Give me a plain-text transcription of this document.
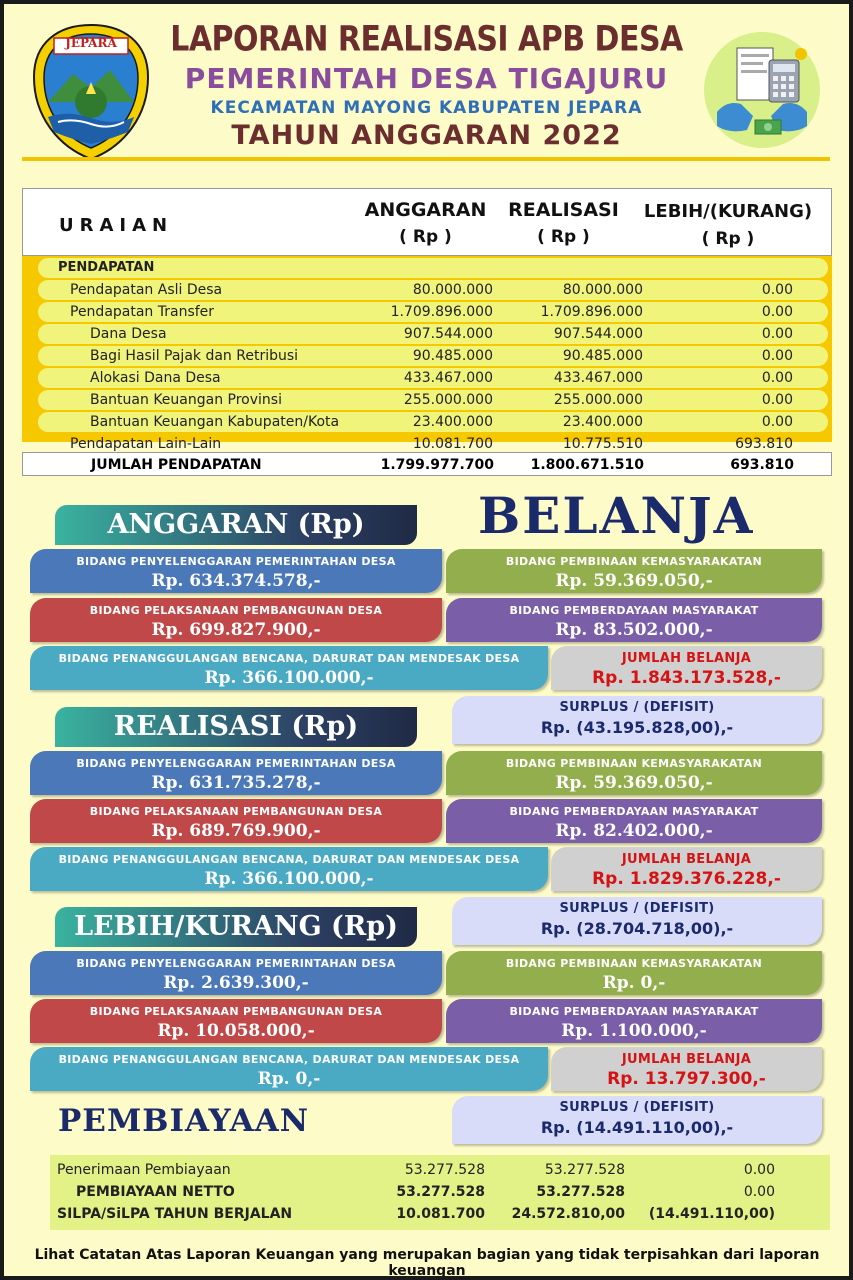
JEPARA	LAPORAN REALISASI APB DESA
PEMERINTAH DESA TIGAJURU
KECAMATAN MAYONG KABUPATEN JEPARA
TAHUN ANGGARAN 2022
URAIAN
ANGGARAN
( Rp )
REALISASI
( Rp )
LEBIH/(KURANG)
( Rp )
PENDAPATAN
Pendapatan Asli Desa	80.000.000	80.000.000	0.00
Pendapatan Transfer	1.709.896.000	1.709.896.000	0.00
Dana Desa	907.544.000	907.544.000	0.00
Bagi Hasil Pajak dan Retribusi	90.485.000	90.485.000	0.00
Alokasi Dana Desa	433.467.000	433.467.000	0.00
Bantuan Keuangan Provinsi	255.000.000	255.000.000	0.00
Bantuan Keuangan Kabupaten/Kota	23.400.000	23.400.000	0.00
Pendapatan Lain-Lain	10.081.700	10.775.510	693.810
JUMLAH PENDAPATAN	1.799.977.700	1.800.671.510	693.810
BELANJA
ANGGARAN (Rp)
BIDANG PENYELENGGARAN PEMERINTAHAN DESA
Rp. 634.374.578,-
BIDANG PEMBINAAN KEMASYARAKATAN
Rp. 59.369.050,-
BIDANG PELAKSANAAN PEMBANGUNAN DESA
Rp. 699.827.900,-
BIDANG PEMBERDAYAAN MASYARAKAT
Rp. 83.502.000,-
BIDANG PENANGGULANGAN BENCANA, DARURAT DAN MENDESAK DESA
Rp. 366.100.000,-
JUMLAH BELANJA
Rp. 1.843.173.528,-
SURPLUS / (DEFISIT)
Rp. (43.195.828,00),-
REALISASI (Rp)
BIDANG PENYELENGGARAN PEMERINTAHAN DESA
Rp. 631.735.278,-
BIDANG PEMBINAAN KEMASYARAKATAN
Rp. 59.369.050,-
BIDANG PELAKSANAAN PEMBANGUNAN DESA
Rp. 689.769.900,-
BIDANG PEMBERDAYAAN MASYARAKAT
Rp. 82.402.000,-
BIDANG PENANGGULANGAN BENCANA, DARURAT DAN MENDESAK DESA
Rp. 366.100.000,-
JUMLAH BELANJA
Rp. 1.829.376.228,-
SURPLUS / (DEFISIT)
Rp. (28.704.718,00),-
LEBIH/KURANG (Rp)
BIDANG PENYELENGGARAN PEMERINTAHAN DESA
Rp. 2.639.300,-
BIDANG PEMBINAAN KEMASYARAKATAN
Rp. 0,-
BIDANG PELAKSANAAN PEMBANGUNAN DESA
Rp. 10.058.000,-
BIDANG PEMBERDAYAAN MASYARAKAT
Rp. 1.100.000,-
BIDANG PENANGGULANGAN BENCANA, DARURAT DAN MENDESAK DESA
Rp. 0,-
JUMLAH BELANJA
Rp. 13.797.300,-
SURPLUS / (DEFISIT)
Rp. (14.491.110,00),-
PEMBIAYAAN
Penerimaan Pembiayaan	53.277.528	53.277.528	0.00
PEMBIAYAAN NETTO	53.277.528	53.277.528	0.00
SILPA/SiLPA TAHUN BERJALAN	10.081.700	24.572.810,00	(14.491.110,00)
Lihat Catatan Atas Laporan Keuangan yang merupakan bagian yang tidak terpisahkan dari laporan keuangan
